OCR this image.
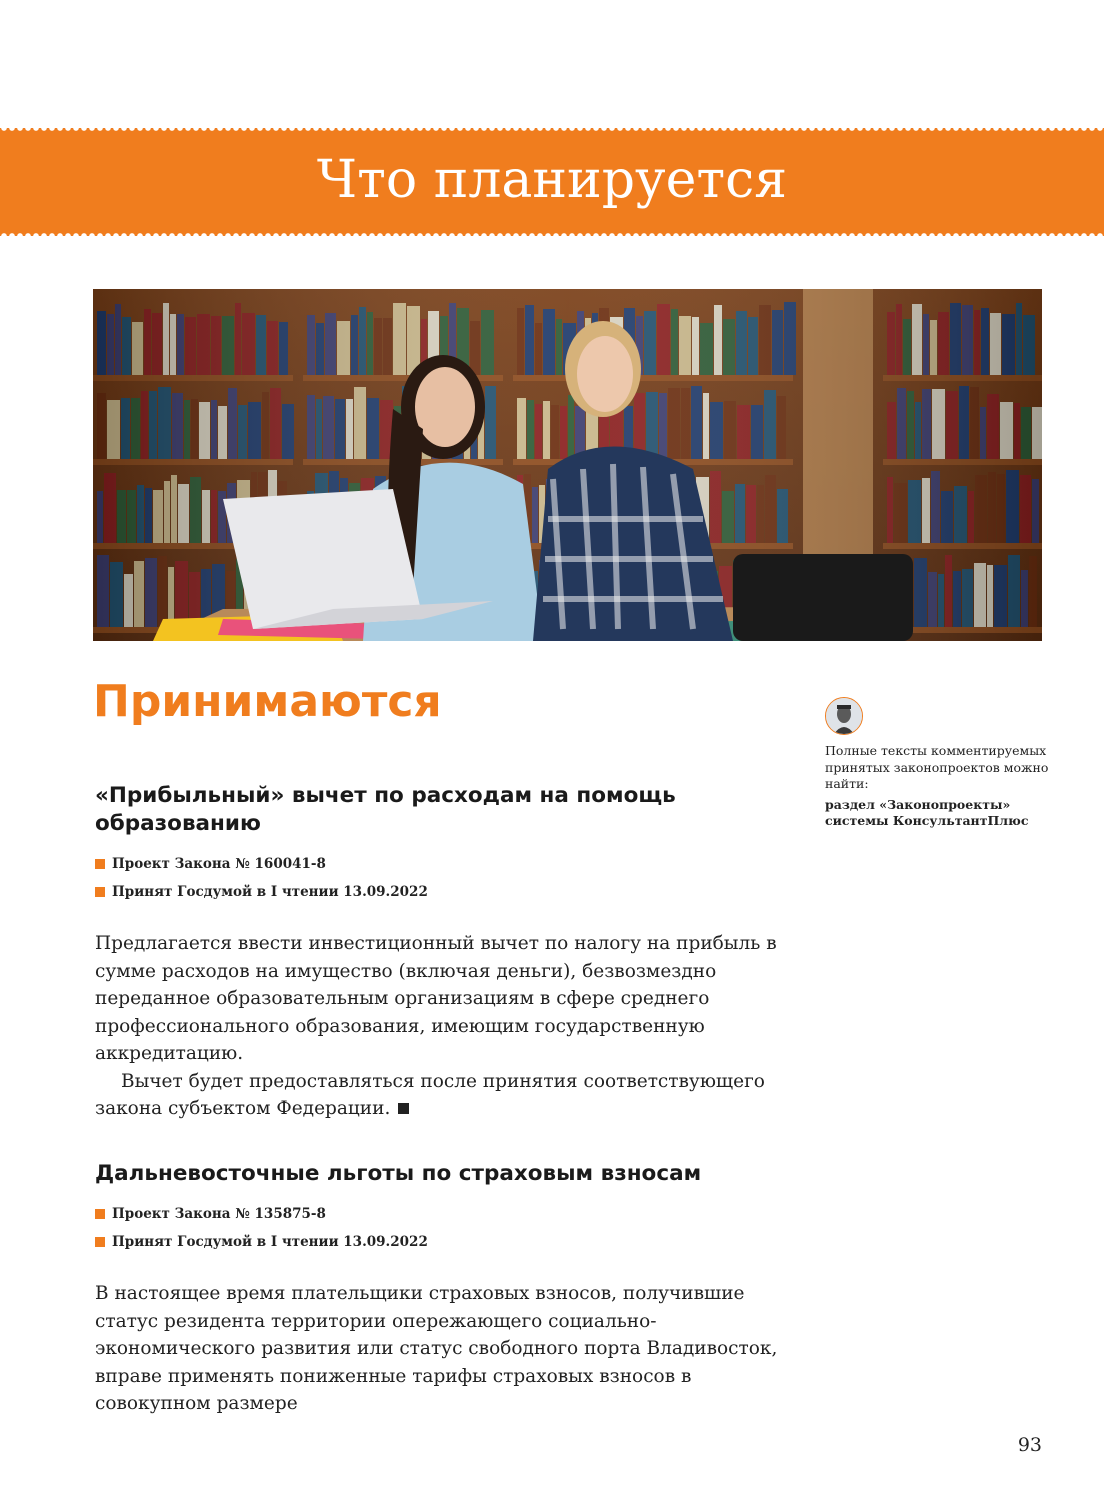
Что планируется
Принимаются
«Прибыльный» вычет по расходам на помощь образованию
Проект Закона № 160041-8
Принят Госдумой в I чтении 13.09.2022

Предлагается ввести инвестиционный вычет по налогу на прибыль в сумме расходов на имущество (включая деньги), безвозмездно переданное образовательным организациям в сфере среднего профессионального образования, имеющим государственную аккредитацию.

Вычет будет предоставляться после принятия соответствующего закона субъектом Федерации.

Дальневосточные льготы по страховым взносам
Проект Закона № 135875-8
Принят Госдумой в I чтении 13.09.2022

В настоящее время плательщики страховых взносов, получившие статус резидента территории опережающего социально-экономического развития или статус свободного порта Владивосток, вправе применять пониженные тарифы страховых взносов в совокупном размере

Полные тексты комментируемых принятых законопроектов можно найти:

раздел «Законопроекты» системы КонсультантПлюс

93
